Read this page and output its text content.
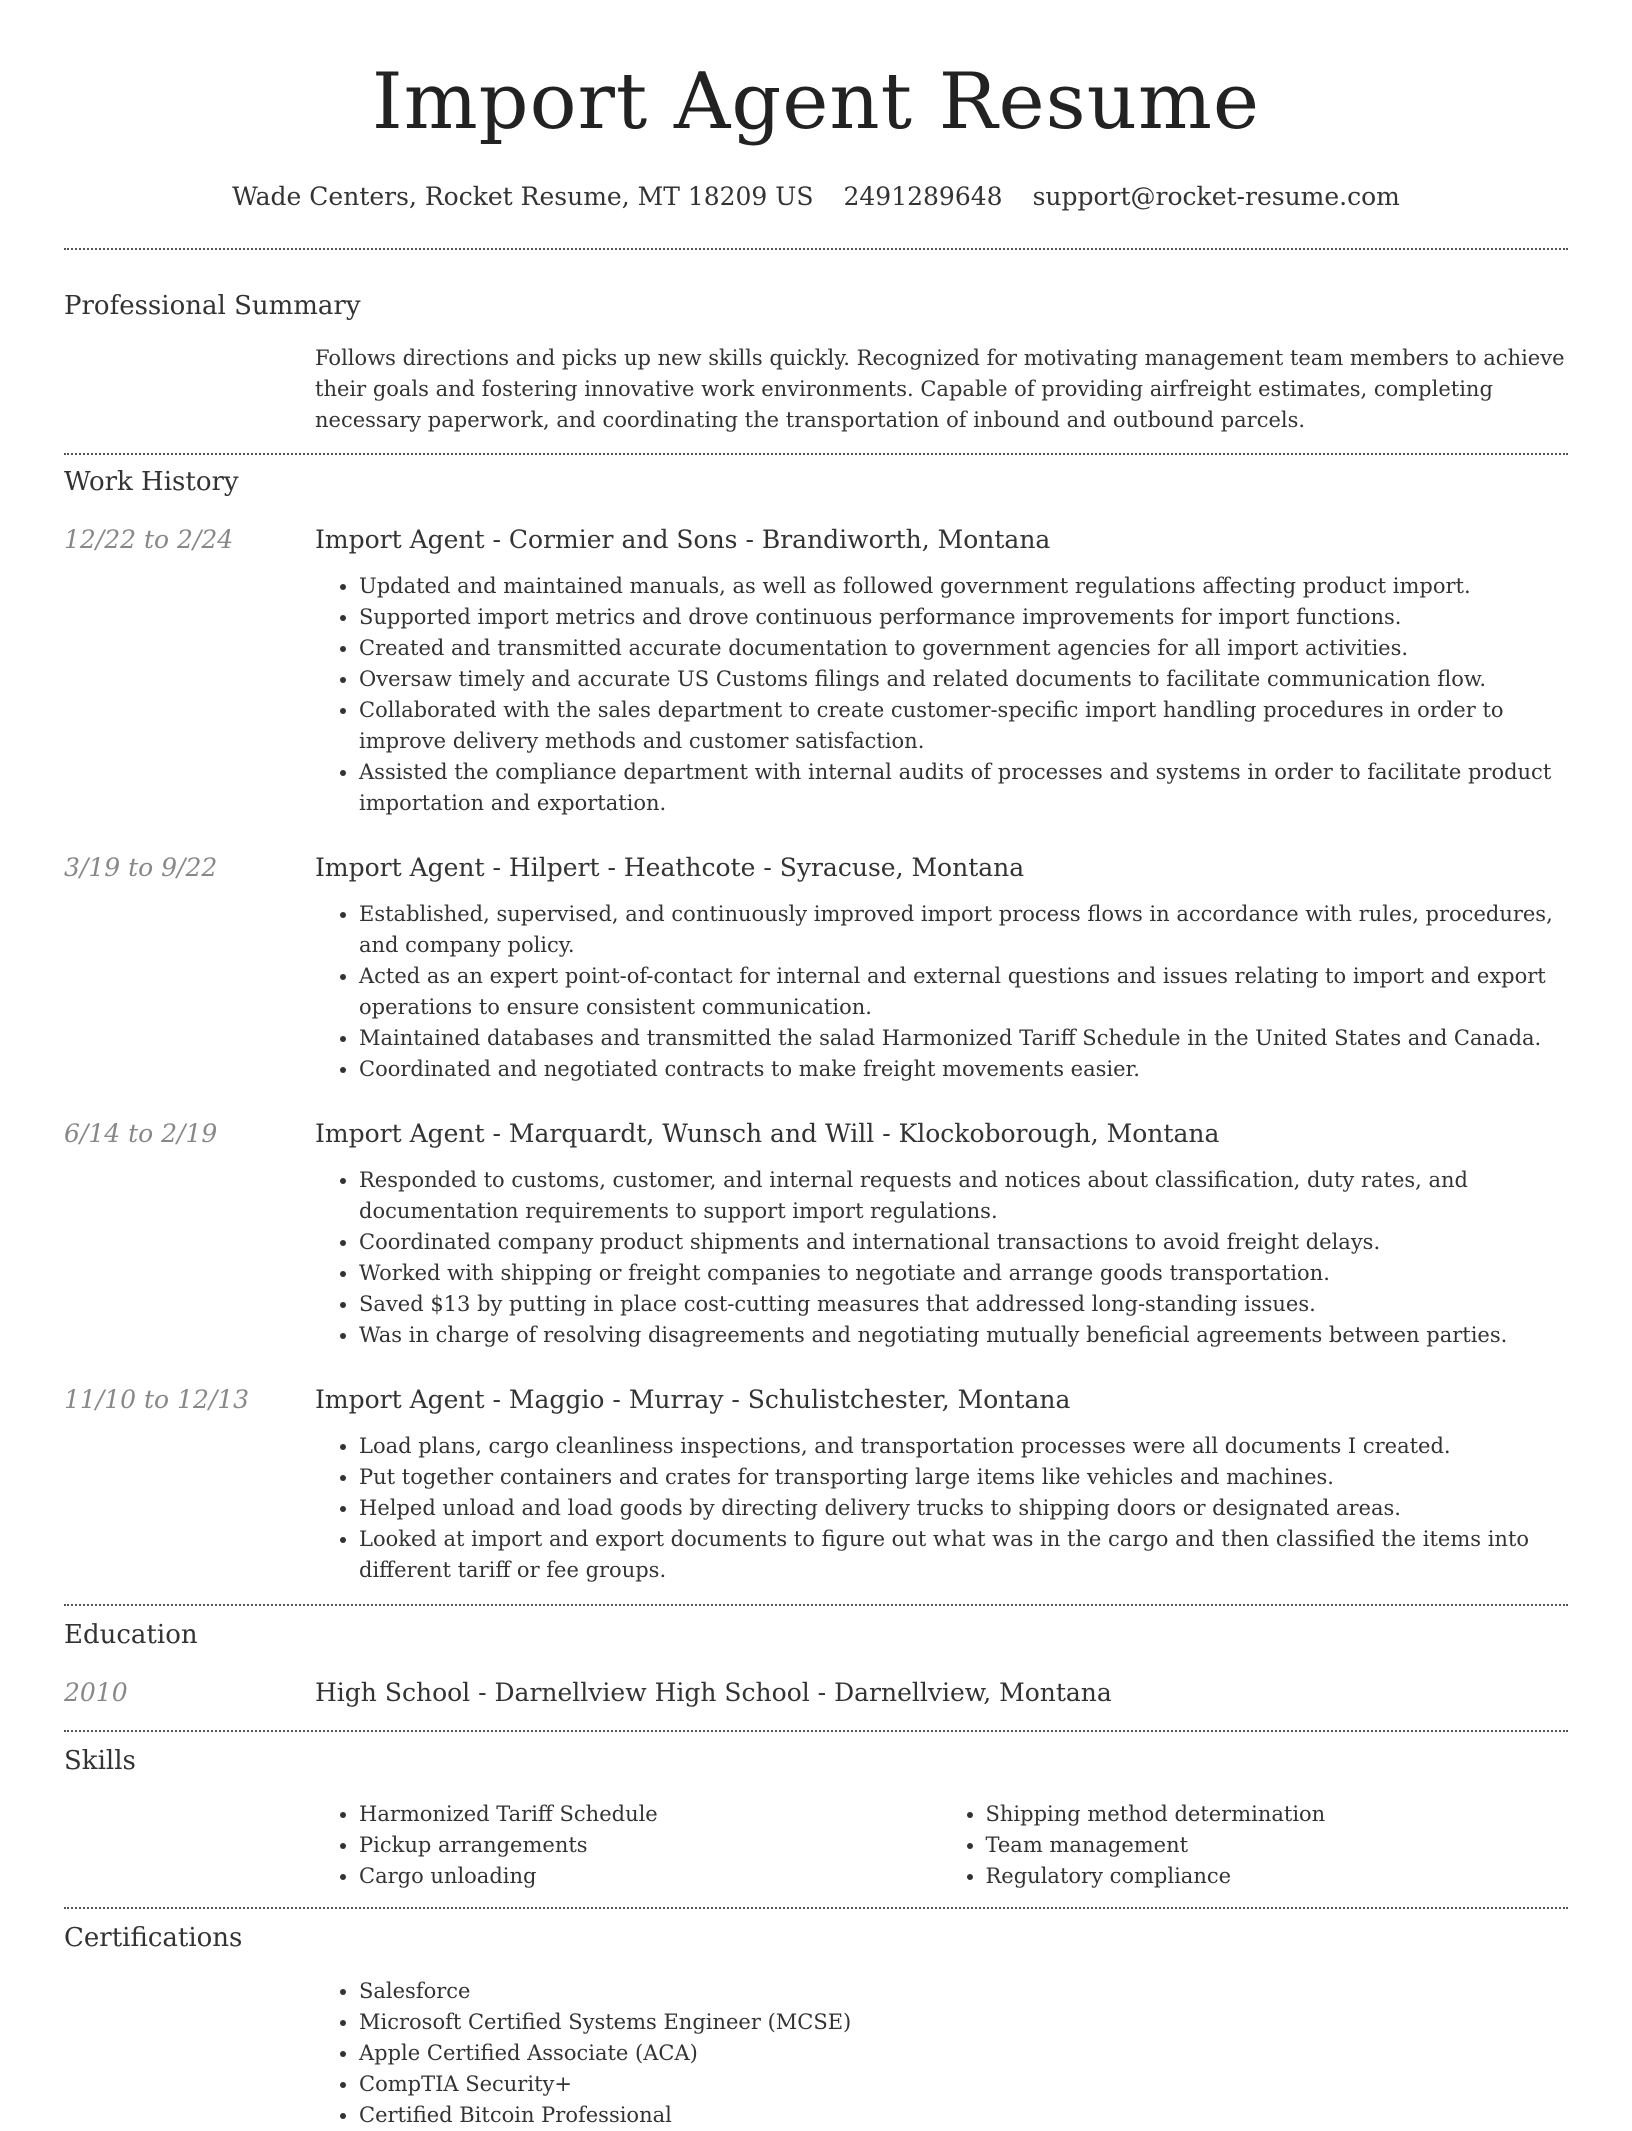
Import Agent Resume
Wade Centers, Rocket Resume, MT 18209 US 2491289648 support@rocket-resume.com
Professional Summary

Follows directions and picks up new skills quickly. Recognized for motivating management team members to achieve their goals and fostering innovative work environments. Capable of providing airfreight estimates, completing necessary paperwork, and coordinating the transportation of inbound and outbound parcels.

Work History
12/22 to 2/24	Import Agent - Cormier and Sons - Brandiworth, Montana
• Updated and maintained manuals, as well as followed government regulations affecting product import.
• Supported import metrics and drove continuous performance improvements for import functions.
• Created and transmitted accurate documentation to government agencies for all import activities.
• Oversaw timely and accurate US Customs filings and related documents to facilitate communication flow.
• Collaborated with the sales department to create customer-specific import handling procedures in order to improve delivery methods and customer satisfaction.
• Assisted the compliance department with internal audits of processes and systems in order to facilitate product importation and exportation.
3/19 to 9/22	Import Agent - Hilpert - Heathcote - Syracuse, Montana
• Established, supervised, and continuously improved import process flows in accordance with rules, procedures, and company policy.
• Acted as an expert point-of-contact for internal and external questions and issues relating to import and export operations to ensure consistent communication.
• Maintained databases and transmitted the salad Harmonized Tariff Schedule in the United States and Canada.
• Coordinated and negotiated contracts to make freight movements easier.
6/14 to 2/19	Import Agent - Marquardt, Wunsch and Will - Klockoborough, Montana
• Responded to customs, customer, and internal requests and notices about classification, duty rates, and documentation requirements to support import regulations.
• Coordinated company product shipments and international transactions to avoid freight delays.
• Worked with shipping or freight companies to negotiate and arrange goods transportation.
• Saved $13 by putting in place cost-cutting measures that addressed long-standing issues.
• Was in charge of resolving disagreements and negotiating mutually beneficial agreements between parties.
11/10 to 12/13	Import Agent - Maggio - Murray - Schulistchester, Montana
• Load plans, cargo cleanliness inspections, and transportation processes were all documents I created.
• Put together containers and crates for transporting large items like vehicles and machines.
• Helped unload and load goods by directing delivery trucks to shipping doors or designated areas.
• Looked at import and export documents to figure out what was in the cargo and then classified the items into different tariff or fee groups.
Education
2010	High School - Darnellview High School - Darnellview, Montana
Skills
• Harmonized Tariff Schedule
• Pickup arrangements
• Cargo unloading
• Shipping method determination
• Team management
• Regulatory compliance
Certifications
• Salesforce
• Microsoft Certified Systems Engineer (MCSE)
• Apple Certified Associate (ACA)
• CompTIA Security+
• Certified Bitcoin Professional
